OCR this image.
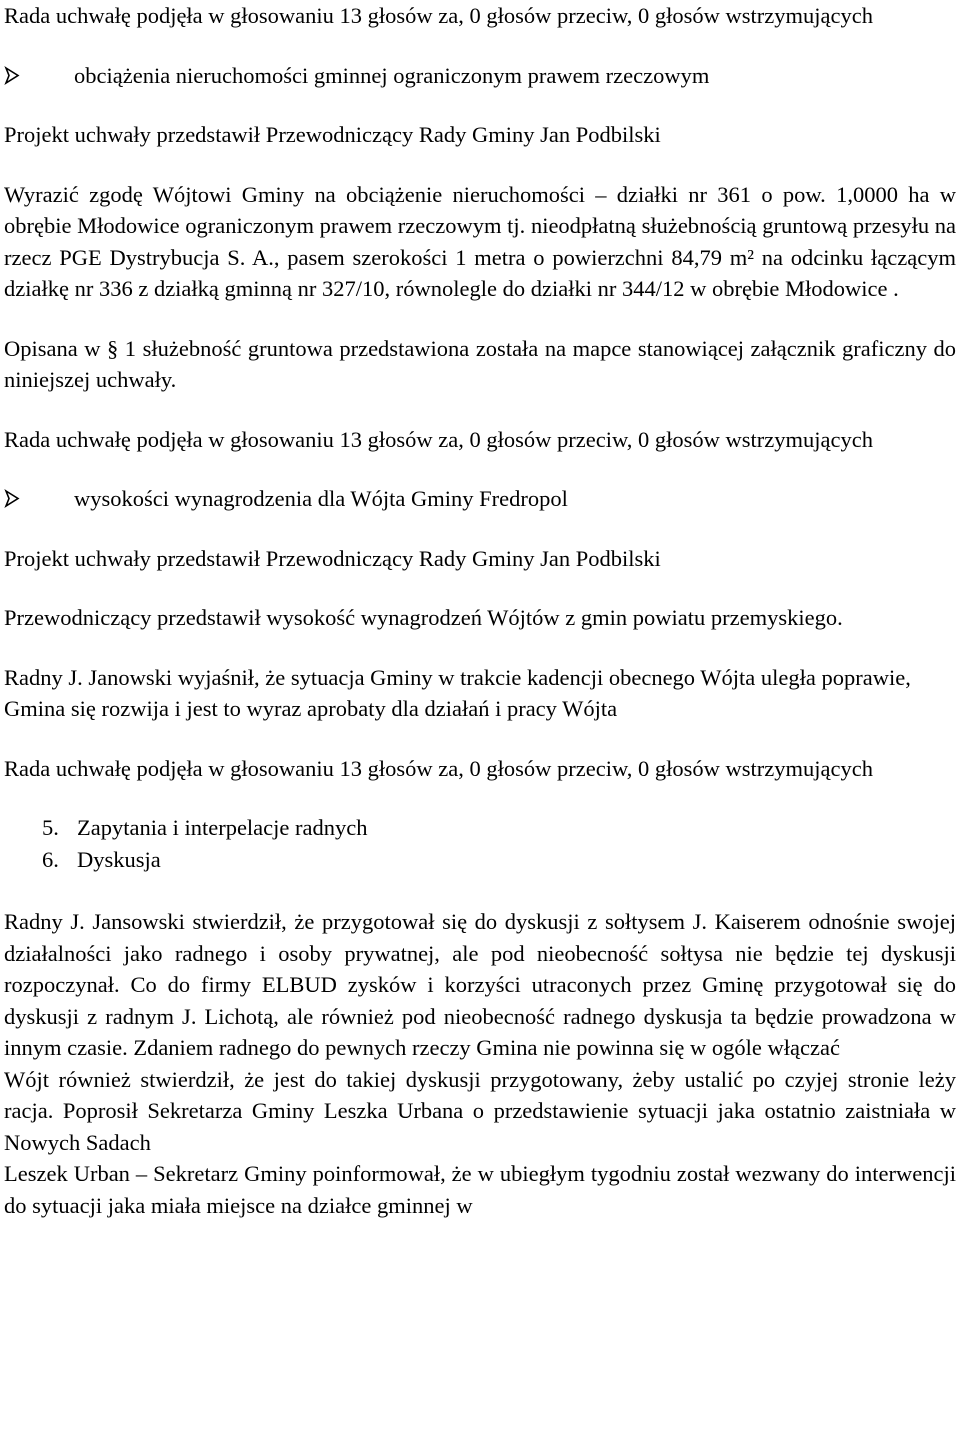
Rada uchwałę podjęła w głosowaniu 13 głosów za, 0 głosów przeciw, 0 głosów wstrzymujących

obciążenia nieruchomości gminnej ograniczonym prawem rzeczowym

Projekt uchwały przedstawił Przewodniczący Rady Gminy Jan Podbilski

Wyrazić zgodę Wójtowi Gminy na obciążenie nieruchomości – działki nr 361 o pow. 1,0000 ha w obrębie Młodowice ograniczonym prawem rzeczowym tj. nieodpłatną służebnością gruntową przesyłu na rzecz PGE Dystrybucja S. A., pasem szerokości 1 metra o powierzchni 84,79 m² na odcinku łączącym działkę nr 336 z działką gminną nr 327/10, równolegle do działki nr 344/12 w obrębie Młodowice .

Opisana w § 1 służebność gruntowa przedstawiona została na mapce stanowiącej załącznik graficzny do niniejszej uchwały.

Rada uchwałę podjęła w głosowaniu 13 głosów za, 0 głosów przeciw, 0 głosów wstrzymujących

wysokości wynagrodzenia dla Wójta Gminy Fredropol

Projekt uchwały przedstawił Przewodniczący Rady Gminy Jan Podbilski

Przewodniczący przedstawił wysokość wynagrodzeń Wójtów z gmin powiatu przemyskiego.

Radny J. Janowski wyjaśnił, że sytuacja Gminy w trakcie kadencji obecnego Wójta uległa poprawie, Gmina się rozwija i jest to wyraz aprobaty dla działań i pracy Wójta

Rada uchwałę podjęła w głosowaniu 13 głosów za, 0 głosów przeciw, 0 głosów wstrzymujących

5. Zapytania i interpelacje radnych

6. Dyskusja

Radny J. Jansowski stwierdził, że przygotował się do dyskusji z sołtysem J. Kaiserem odnośnie swojej działalności jako radnego i osoby prywatnej, ale pod nieobecność sołtysa nie będzie tej dyskusji rozpoczynał. Co do firmy ELBUD zysków i korzyści utraconych przez Gminę przygotował się do dyskusji z radnym J. Lichotą, ale również pod nieobecność radnego dyskusja ta będzie prowadzona w innym czasie. Zdaniem radnego do pewnych rzeczy Gmina nie powinna się w ogóle włączać

Wójt również stwierdził, że jest do takiej dyskusji przygotowany, żeby ustalić po czyjej stronie leży racja. Poprosił Sekretarza Gminy Leszka Urbana o przedstawienie sytuacji jaka ostatnio zaistniała w Nowych Sadach

Leszek Urban – Sekretarz Gminy poinformował, że w ubiegłym tygodniu został wezwany do interwencji do sytuacji jaka miała miejsce na działce gminnej w
